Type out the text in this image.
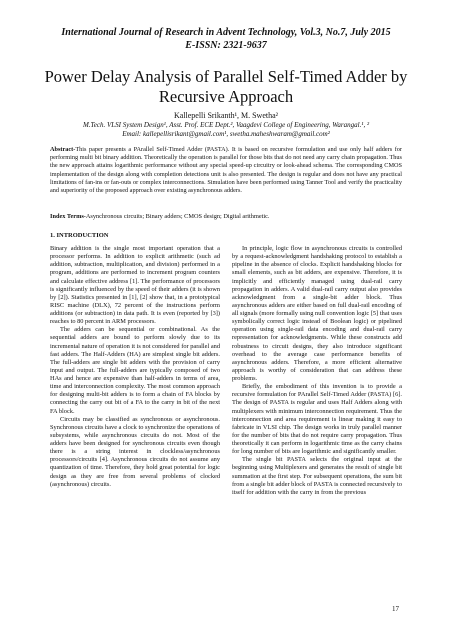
International Journal of Research in Advent Technology, Vol.3, No.7, July 2015
E-ISSN: 2321-9637
Power Delay Analysis of Parallel Self-Timed Adder by Recursive Approach
Kallepelli Srikanth¹, M. Swetha²
M.Tech. VLSI System Design¹, Asst. Prof. ECE Dept.², Vaagdevi College of Engineering, Warangal.¹, ²
Email: kallepellisrikant@gmail.com¹, swetha.maheshwaram@gmail.com²

Abstract-This paper presents a PArallel Self-Timed Adder (PASTA). It is based on recursive formulation and use only half adders for performing multi bit binary addition. Theoretically the operation is parallel for those bits that do not need any carry chain propagation. Thus the new approach attains logarithmic performance without any special speed-up circuitry or look-ahead schema. The corresponding CMOS implementation of the design along with completion detections unit is also presented. The design is regular and does not have any practical limitations of fan-ins or fan-outs or complex interconnections. Simulation have been performed using Tanner Tool and verify the practicality and superiority of the proposed approach over existing asynchronous adders.

Index Terms-Asynchronous circuits; Binary adders; CMOS design; Digital arithmetic.

1. INTRODUCTION

Binary addition is the single most important operation that a processor performs. In addition to explicit arithmetic (such ad addition, subtraction, multiplication, and division) performed in a program, additions are performed to increment program counters and calculate effective address [1]. The performance of processors is significantly influenced by the speed of their adders (it is shown by [2]). Statistics presented in [1], [2] show that, in a prototypical RISC machine (DLX), 72 percent of the instructions perform additions (or subtraction) in data path. It is even (reported by [3]) reaches to 80 percent in ARM processors.

The adders can be sequential or combinational. As the sequential adders are bound to perform slowly due to its incremental nature of operation it is not considered for parallel and fast adders. The Half-Adders (HA) are simplest single bit adders. The full-adders are single bit adders with the provision of carry input and output. The full-adders are typically composed of two HAs and hence are expensive than half-adders in terms of area, time and interconnection complexity. The most common approach for designing multi-bit adders is to form a chain of FA blocks by connecting the carry out bit of a FA to the carry in bit of the next FA block.

Circuits may be classified as synchronous or asynchronous. Synchronous circuits have a clock to synchronize the operations of subsystems, while asynchronous circuits do not. Most of the adders have been designed for synchronous circuits even though there is a string interest in clockless/asynchronous processors/circuits [4]. Asynchronous circuits do not assume any quantization of time. Therefore, they hold great potential for logic design as they are free from several problems of clocked (asynchronous) circuits.

In principle, logic flow in asynchronous circuits is controlled by a request-acknowledgment handshaking protocol to establish a pipeline in the absence of clocks. Explicit handshaking blocks for small elements, such as bit adders, are expensive. Therefore, it is implicitly and efficiently managed using dual-rail carry propagation in adders. A valid dual-rail carry output also provides acknowledgment from a single-bit adder block. Thus asynchronous adders are either based on full dual-rail encoding of all signals (more formally using null convention logic [5] that uses symbolically correct logic instead of Boolean logic) or pipelined operation using single-rail data encoding and dual-rail carry representation for acknowledgments. While these constructs add robustness to circuit designs, they also introduce significant overhead to the average case performance benefits of asynchronous adders. Therefore, a more efficient alternative approach is worthy of consideration that can address these problems.

Briefly, the embodiment of this invention is to provide a recursive formulation for PArallel Self-Timed Adder (PASTA) [6]. The design of PASTA is regular and uses Half Adders along with multiplexers with minimum interconnection requirement. Thus the interconnection and area requirement is linear making it easy to fabricate in VLSI chip. The design works in truly parallel manner for the number of bits that do not require carry propagation. Thus theoretically it can perform in logarithmic time as the carry chains for long number of bits are logarithmic and significantly smaller.

The single bit PASTA selects the original input at the beginning using Multiplexers and generates the result of single bit summation at the first step. For subsequent operations, the sum bit from a single bit adder block of PASTA is connected recursively to itself for addition with the carry in from the previous

17
